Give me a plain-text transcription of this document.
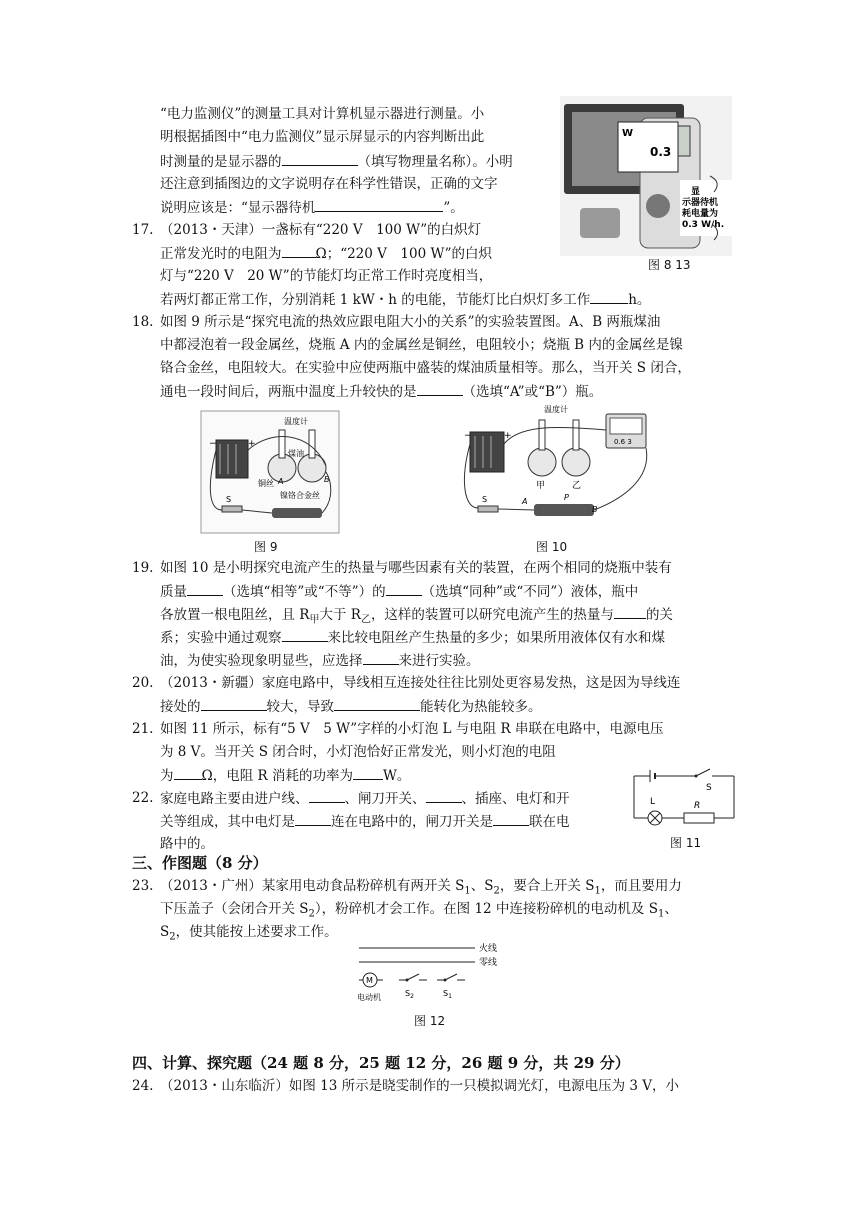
“电力监测仪”的测量工具对计算机显示器进行测量。小
明根据插图中“电力监测仪”显示屏显示的内容判断出此
时测量的是显示器的	（填写物理量名称）。小明
还注意到插图边的文字说明存在科学性错误，正确的文字
说明应该是：“显示器待机	”。
W
0.3
显
示器待机
耗电量为
0.3 W/h.
图 8 13
17. （2013・天津）一盏标有“220 V　100 W”的白炽灯
正常发光时的电阻为	Ω；“220 V　100 W”的白炽
灯与“220 V　20 W”的节能灯均正常工作时亮度相当，
若两灯都正常工作，分别消耗 1 kW・h 的电能，节能灯比白炽灯多工作	h。
18. 如图 9 所示是“探究电流的热效应跟电阻大小的关系”的实验装置图。A、B 两瓶煤油
中都浸泡着一段金属丝，烧瓶 A 内的金属丝是铜丝，电阻较小；烧瓶 B 内的金属丝是镍
铬合金丝，电阻较大。在实验中应使两瓶中盛装的煤油质量相等。那么，当开关 S 闭合，
通电一段时间后，两瓶中温度上升较快的是	（选填“A”或“B”）瓶。
−	+
温度计
煤油
铜丝
镍铬合金丝
A	B
S
图 9
−	+
温度计
甲	乙
0.6 3
A
B
P
S
图 10
19. 如图 10 是小明探究电流产生的热量与哪些因素有关的装置，在两个相同的烧瓶中装有
质量	（选填“相等”或“不等”）的	（选填“同种”或“不同”）液体，瓶中
各放置一根电阻丝，且 $R_甲$大于 $R_乙$，这样的装置可以研究电流产生的热量与 的关
系；实验中通过观察	来比较电阻丝产生热量的多少；如果所用液体仅有水和煤
油，为使实验现象明显些，应选择	来进行实验。
20. （2013・新疆）家庭电路中，导线相互连接处往往比别处更容易发热，这是因为导线连
接处的	较大，导致	能转化为热能较多。
21. 如图 11 所示，标有“5 V　5 W”字样的小灯泡 L 与电阻 R 串联在电路中，电源电压
为 8 V。当开关 S 闭合时，小灯泡恰好正常发光，则小灯泡的电阻
为 Ω，电阻 R 消耗的功率为 W。
22. 家庭电路主要由进户线、	、闸刀开关、	、插座、电灯和开
关等组成，其中电灯是	连在电路中的，闸刀开关是	联在电
路中的。
S
L	R
图 11
三、作图题（8 分）
23. （2013・广州）某家用电动食品粉碎机有两开关 $S_1$、$S_2$，要合上开关 $S_1$，而且要用力
下压盖子（会闭合开关 $S_2$），粉碎机才会工作。在图 12 中连接粉碎机的电动机及 $S_1$、
$S_2$，使其能按上述要求工作。
火线
零线
M
电动机	$S_2$	$S_1$
图 12
四、计算、探究题（24 题 8 分，25 题 12 分，26 题 9 分，共 29 分）
24. （2013・山东临沂）如图 13 所示是晓雯制作的一只模拟调光灯，电源电压为 3 V，小
